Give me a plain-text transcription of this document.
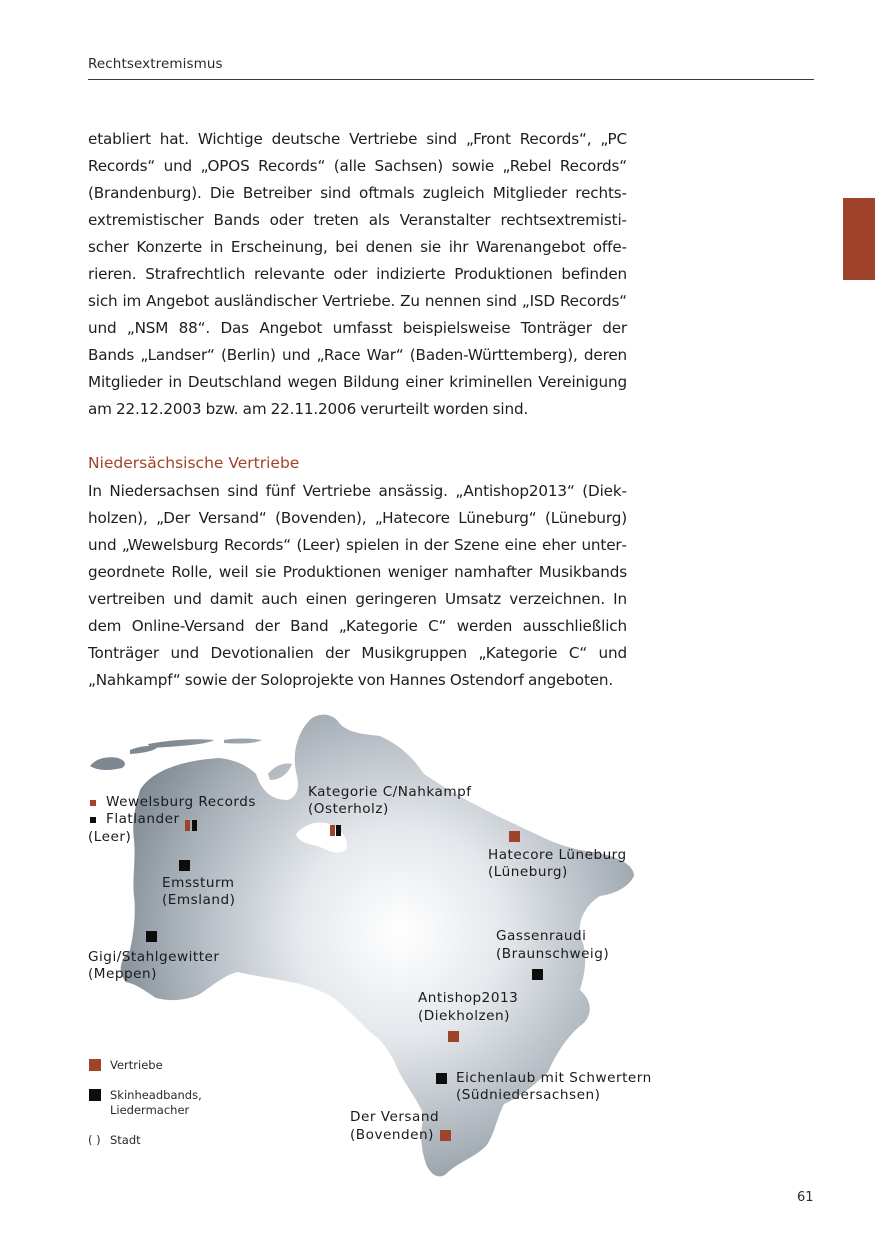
Rechtsextremismus

etabliert hat. Wichtige deutsche Vertriebe sind „Front Records“, „PC Records“ und „OPOS Records“ (alle Sachsen) sowie „Rebel Records“ (Brandenburg). Die Betreiber sind oftmals zugleich Mitglieder rechtsextremistischer Bands oder treten als Veranstalter rechtsextremistischer Konzerte in Erscheinung, bei denen sie ihr Warenangebot offerieren. Strafrechtlich relevante oder indizierte Produktionen befinden sich im Angebot ausländischer Vertriebe. Zu nennen sind „ISD Records“ und „NSM 88“. Das Angebot umfasst beispielsweise Tonträger der Bands „Landser“ (Berlin) und „Race War“ (Baden-Württemberg), deren Mitglieder in Deutschland wegen Bildung einer kriminellen Vereinigung am 22.12.2003 bzw. am 22.11.2006 verurteilt worden sind.

Niedersächsische Vertriebe

In Niedersachsen sind fünf Vertriebe ansässig. „Antishop2013“ (Diekholzen), „Der Versand“ (Bovenden), „Hatecore Lüneburg“ (Lüneburg) und „Wewelsburg Records“ (Leer) spielen in der Szene eine eher untergeordnete Rolle, weil sie Produktionen weniger namhafter Musikbands vertreiben und damit auch einen geringeren Umsatz verzeichnen. In dem Online-Versand der Band „Kategorie C“ werden ausschließlich Tonträger und Devotionalien der Musikgruppen „Kategorie C“ und „Nahkampf“ sowie der Soloprojekte von Hannes Ostendorf angeboten.

Wewelsburg Records
Flatlander
(Leer)
Emssturm
(Emsland)
Gigi/Stahlgewitter
(Meppen)
Kategorie C/Nahkampf
(Osterholz)
Hatecore Lüneburg
(Lüneburg)
Gassenraudi
(Braunschweig)
Antishop2013
(Diekholzen)
Eichenlaub mit Schwertern
(Südniedersachsen)
Der Versand
(Bovenden)
Vertriebe
Skinheadbands,
Liedermacher
( ) Stadt
61
